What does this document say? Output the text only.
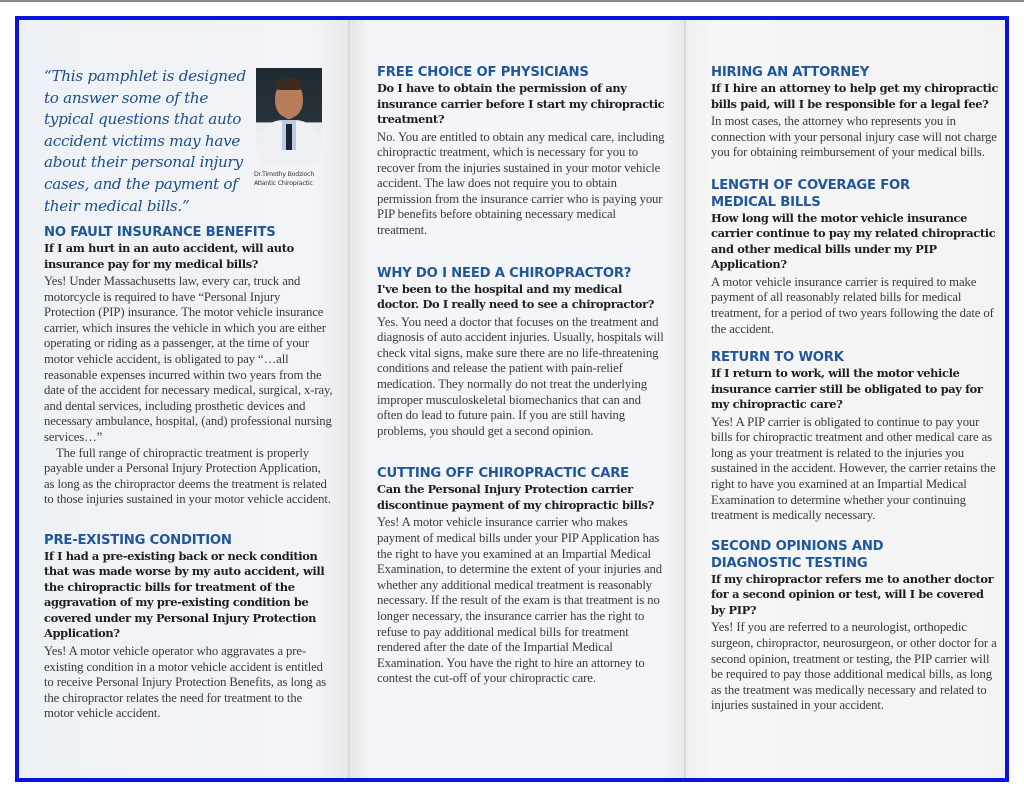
“This pamphlet is designed to answer some of the typical questions that auto accident victims may have about their personal injury cases, and the payment of their medical bills.”
Dr.Timothy Bodzioch
Atlantic Chiropractic
NO FAULT INSURANCE BENEFITS
If I am hurt in an auto accident, will auto insurance pay for my medical bills?

Yes! Under Massachusetts law, every car, truck and motorcycle is required to have “Personal Injury Protection (PIP) insurance. The motor vehicle insurance carrier, which insures the vehicle in which you are either operating or riding as a passenger, at the time of your motor vehicle accident, is obligated to pay “…all reasonable expenses incurred within two years from the date of the accident for necessary medical, surgical, x-ray, and dental services, including prosthetic devices and necessary ambulance, hospital, (and) professional nursing services…”

The full range of chiropractic treatment is properly payable under a Personal Injury Protection Application, as long as the chiropractor deems the treatment is related to those injuries sustained in your motor vehicle accident.

PRE-EXISTING CONDITION
If I had a pre-existing back or neck condition that was made worse by my auto accident, will the chiropractic bills for treatment of the aggravation of my pre-existing condition be covered under my Personal Injury Protection Application?

Yes! A motor vehicle operator who aggravates a pre-existing condition in a motor vehicle accident is entitled to receive Personal Injury Protection Benefits, as long as the chiropractor relates the need for treatment to the motor vehicle accident.

FREE CHOICE OF PHYSICIANS
Do I have to obtain the permission of any insurance carrier before I start my chiropractic treatment?

No. You are entitled to obtain any medical care, including chiropractic treatment, which is necessary for you to recover from the injuries sustained in your motor vehicle accident. The law does not require you to obtain permission from the insurance carrier who is paying your PIP benefits before obtaining necessary medical treatment.

WHY DO I NEED A CHIROPRACTOR?
I've been to the hospital and my medical doctor. Do I really need to see a chiropractor?

Yes. You need a doctor that focuses on the treatment and diagnosis of auto accident injuries. Usually, hospitals will check vital signs, make sure there are no life-threatening conditions and release the patient with pain-relief medication. They normally do not treat the underlying improper musculoskeletal biomechanics that can and often do lead to future pain. If you are still having problems, you should get a second opinion.

CUTTING OFF CHIROPRACTIC CARE
Can the Personal Injury Protection carrier discontinue payment of my chiropractic bills?

Yes! A motor vehicle insurance carrier who makes payment of medical bills under your PIP Application has the right to have you examined at an Impartial Medical Examination, to determine the extent of your injuries and whether any additional medical treatment is reasonably necessary. If the result of the exam is that treatment is no longer necessary, the insurance carrier has the right to refuse to pay additional medical bills for treatment rendered after the date of the Impartial Medical Examination. You have the right to hire an attorney to contest the cut-off of your chiropractic care.

HIRING AN ATTORNEY
If I hire an attorney to help get my chiropractic bills paid, will I be responsible for a legal fee?

In most cases, the attorney who represents you in connection with your personal injury case will not charge you for obtaining reimbursement of your medical bills.

LENGTH OF COVERAGE FOR MEDICAL BILLS
How long will the motor vehicle insurance carrier continue to pay my related chiropractic and other medical bills under my PIP Application?

A motor vehicle insurance carrier is required to make payment of all reasonably related bills for medical treatment, for a period of two years following the date of the accident.

RETURN TO WORK
If I return to work, will the motor vehicle insurance carrier still be obligated to pay for my chiropractic care?

Yes! A PIP carrier is obligated to continue to pay your bills for chiropractic treatment and other medical care as long as your treatment is related to the injuries you sustained in the accident. However, the carrier retains the right to have you examined at an Impartial Medical Examination to determine whether your continuing treatment is medically necessary.

SECOND OPINIONS AND DIAGNOSTIC TESTING
If my chiropractor refers me to another doctor for a second opinion or test, will I be covered by PIP?

Yes! If you are referred to a neurologist, orthopedic surgeon, chiropractor, neurosurgeon, or other doctor for a second opinion, treatment or testing, the PIP carrier will be required to pay those additional medical bills, as long as the treatment was medically necessary and related to injuries sustained in your accident.
